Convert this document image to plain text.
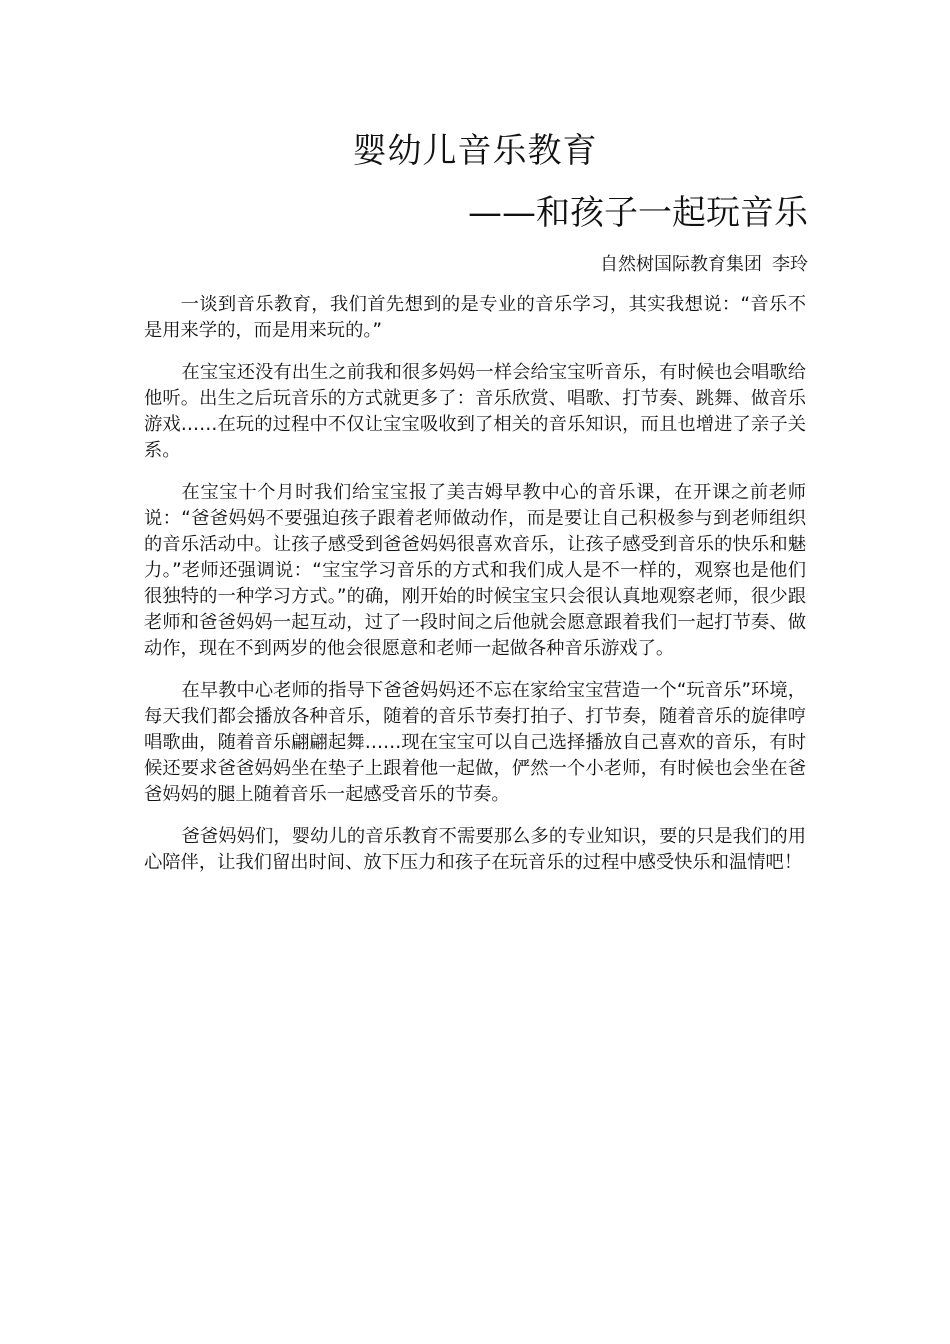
婴幼儿音乐教育
——和孩子一起玩音乐
自然树国际教育集团 李玲

一谈到音乐教育，我们首先想到的是专业的音乐学习，其实我想说：“音乐不是用来学的，而是用来玩的。”

在宝宝还没有出生之前我和很多妈妈一样会给宝宝听音乐，有时候也会唱歌给他听。出生之后玩音乐的方式就更多了：音乐欣赏、唱歌、打节奏、跳舞、做音乐游戏……在玩的过程中不仅让宝宝吸收到了相关的音乐知识，而且也增进了亲子关系。

在宝宝十个月时我们给宝宝报了美吉姆早教中心的音乐课，在开课之前老师说：“爸爸妈妈不要强迫孩子跟着老师做动作，而是要让自己积极参与到老师组织的音乐活动中。让孩子感受到爸爸妈妈很喜欢音乐，让孩子感受到音乐的快乐和魅力。”老师还强调说：“宝宝学习音乐的方式和我们成人是不一样的，观察也是他们很独特的一种学习方式。”的确，刚开始的时候宝宝只会很认真地观察老师，很少跟老师和爸爸妈妈一起互动，过了一段时间之后他就会愿意跟着我们一起打节奏、做动作，现在不到两岁的他会很愿意和老师一起做各种音乐游戏了。

在早教中心老师的指导下爸爸妈妈还不忘在家给宝宝营造一个“玩音乐”环境，每天我们都会播放各种音乐，随着的音乐节奏打拍子、打节奏，随着音乐的旋律哼唱歌曲，随着音乐翩翩起舞……现在宝宝可以自己选择播放自己喜欢的音乐，有时候还要求爸爸妈妈坐在垫子上跟着他一起做，俨然一个小老师，有时候也会坐在爸爸妈妈的腿上随着音乐一起感受音乐的节奏。

爸爸妈妈们，婴幼儿的音乐教育不需要那么多的专业知识，要的只是我们的用心陪伴，让我们留出时间、放下压力和孩子在玩音乐的过程中感受快乐和温情吧！
